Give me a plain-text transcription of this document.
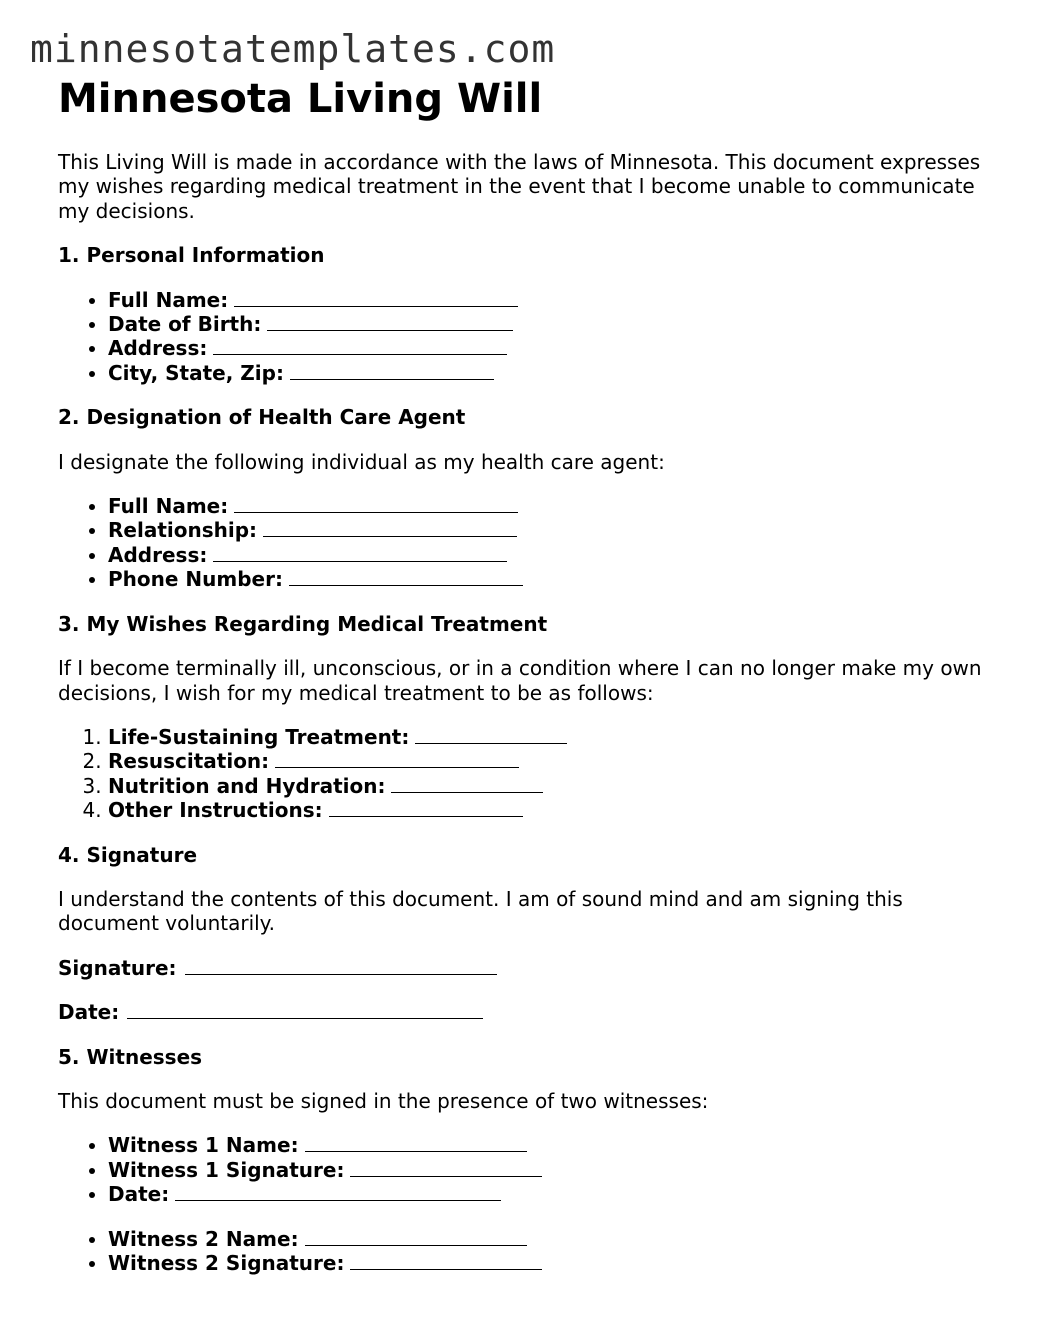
minnesotatemplates.com
Minnesota Living Will

This Living Will is made in accordance with the laws of Minnesota. This document expresses my wishes regarding medical treatment in the event that I become unable to communicate my decisions.

1. Personal Information
• Full Name:
• Date of Birth:
• Address:
• City, State, Zip:
2. Designation of Health Care Agent

I designate the following individual as my health care agent:

• Full Name:
• Relationship:
• Address:
• Phone Number:
3. My Wishes Regarding Medical Treatment

If I become terminally ill, unconscious, or in a condition where I can no longer make my own decisions, I wish for my medical treatment to be as follows:

1. Life-Sustaining Treatment:
2. Resuscitation:
3. Nutrition and Hydration:
4. Other Instructions:
4. Signature

I understand the contents of this document. I am of sound mind and am signing this document voluntarily.

Signature:

Date:

5. Witnesses

This document must be signed in the presence of two witnesses:

• Witness 1 Name:
• Witness 1 Signature:
• Date:
• Witness 2 Name:
• Witness 2 Signature:
